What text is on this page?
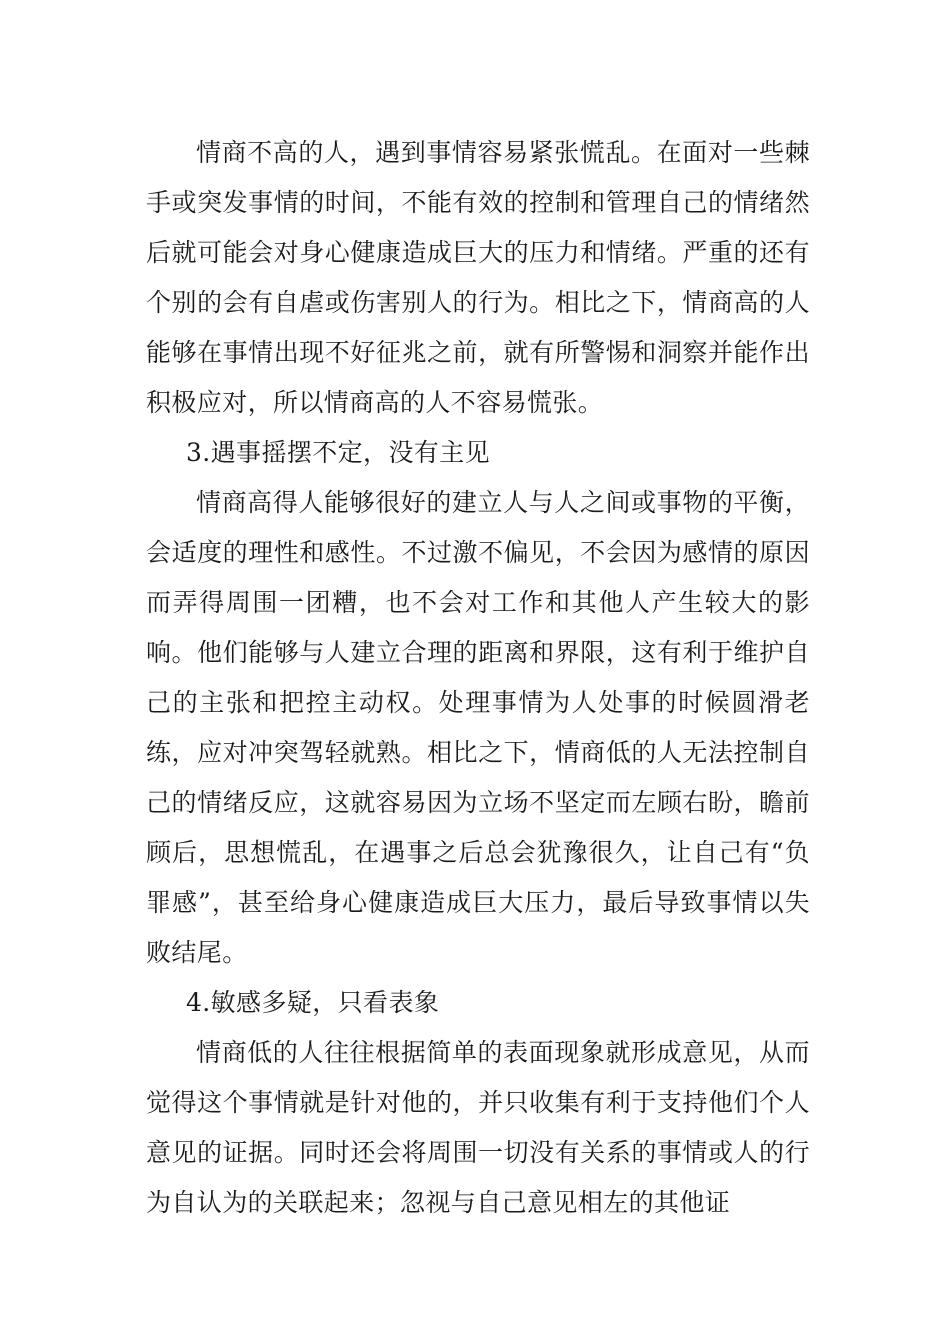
情商不高的人，遇到事情容易紧张慌乱。在面对一些棘手或突发事情的时间，不能有效的控制和管理自己的情绪然后就可能会对身心健康造成巨大的压力和情绪。严重的还有个别的会有自虐或伤害别人的行为。相比之下，情商高的人能够在事情出现不好征兆之前，就有所警惕和洞察并能作出积极应对，所以情商高的人不容易慌张。

3.遇事摇摆不定，没有主见

情商高得人能够很好的建立人与人之间或事物的平衡，会适度的理性和感性。不过激不偏见，不会因为感情的原因而弄得周围一团糟，也不会对工作和其他人产生较大的影响。他们能够与人建立合理的距离和界限，这有利于维护自己的主张和把控主动权。处理事情为人处事的时候圆滑老练，应对冲突驾轻就熟。相比之下，情商低的人无法控制自己的情绪反应，这就容易因为立场不坚定而左顾右盼，瞻前顾后，思想慌乱，在遇事之后总会犹豫很久，让自己有“负罪感”，甚至给身心健康造成巨大压力，最后导致事情以失败结尾。

4.敏感多疑，只看表象

情商低的人往往根据简单的表面现象就形成意见，从而觉得这个事情就是针对他的，并只收集有利于支持他们个人意见的证据。同时还会将周围一切没有关系的事情或人的行为自认为的关联起来；忽视与自己意见相左的其他证
